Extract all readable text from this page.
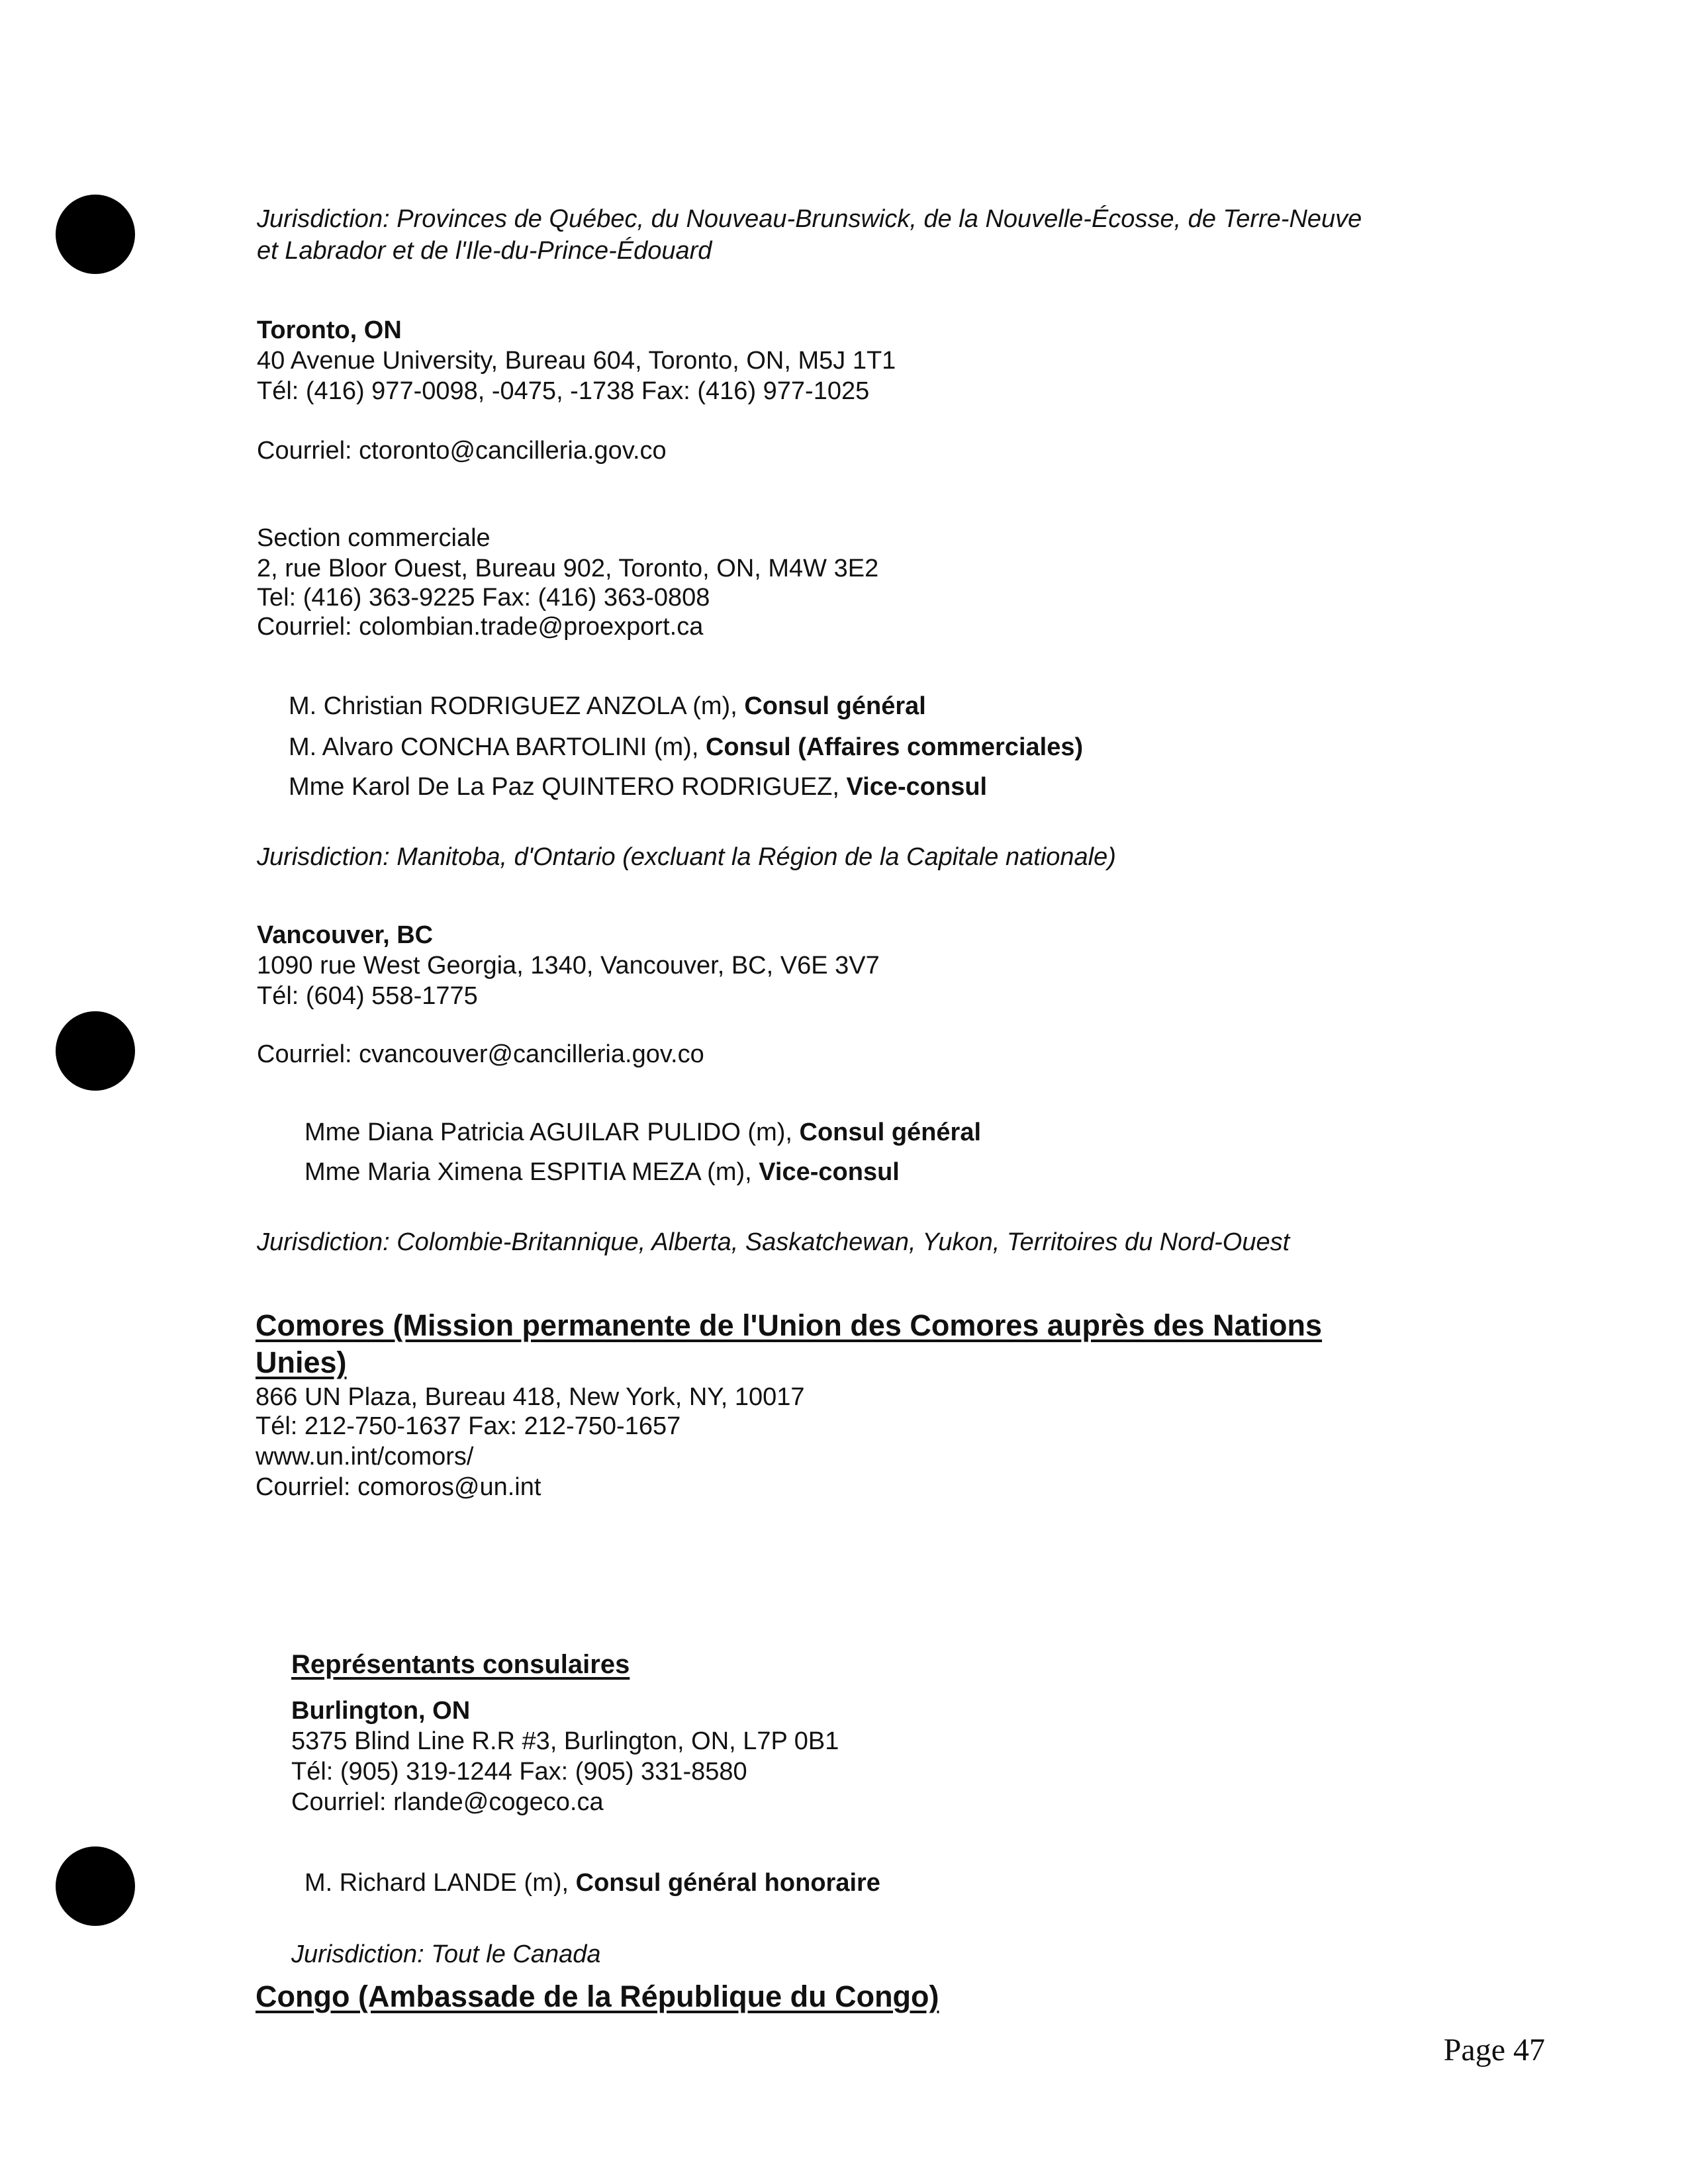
Jurisdiction: Provinces de Québec, du Nouveau-Brunswick, de la Nouvelle-Écosse, de Terre-Neuve
et Labrador et de l'Ile-du-Prince-Édouard
Toronto, ON
40 Avenue University, Bureau 604, Toronto, ON, M5J 1T1
Tél: (416) 977-0098, -0475, -1738 Fax: (416) 977-1025
Courriel: ctoronto@cancilleria.gov.co
Section commerciale
2, rue Bloor Ouest, Bureau 902, Toronto, ON, M4W 3E2
Tel: (416) 363-9225 Fax: (416) 363-0808
Courriel: colombian.trade@proexport.ca
M. Christian RODRIGUEZ ANZOLA (m), Consul général
M. Alvaro CONCHA BARTOLINI (m), Consul (Affaires commerciales)
Mme Karol De La Paz QUINTERO RODRIGUEZ, Vice-consul
Jurisdiction: Manitoba, d'Ontario (excluant la Région de la Capitale nationale)
Vancouver, BC
1090 rue West Georgia, 1340, Vancouver, BC, V6E 3V7
Tél: (604) 558-1775
Courriel: cvancouver@cancilleria.gov.co
Mme Diana Patricia AGUILAR PULIDO (m), Consul général
Mme Maria Ximena ESPITIA MEZA (m), Vice-consul
Jurisdiction: Colombie-Britannique, Alberta, Saskatchewan, Yukon, Territoires du Nord-Ouest
Comores (Mission permanente de l'Union des Comores auprès des Nations
Unies)
866 UN Plaza, Bureau 418, New York, NY, 10017
Tél: 212-750-1637 Fax: 212-750-1657
www.un.int/comors/
Courriel: comoros@un.int
Représentants consulaires
Burlington, ON
5375 Blind Line R.R #3, Burlington, ON, L7P 0B1
Tél: (905) 319-1244 Fax: (905) 331-8580
Courriel: rlande@cogeco.ca
M. Richard LANDE (m), Consul général honoraire
Jurisdiction: Tout le Canada
Congo (Ambassade de la République du Congo)
Page 47
